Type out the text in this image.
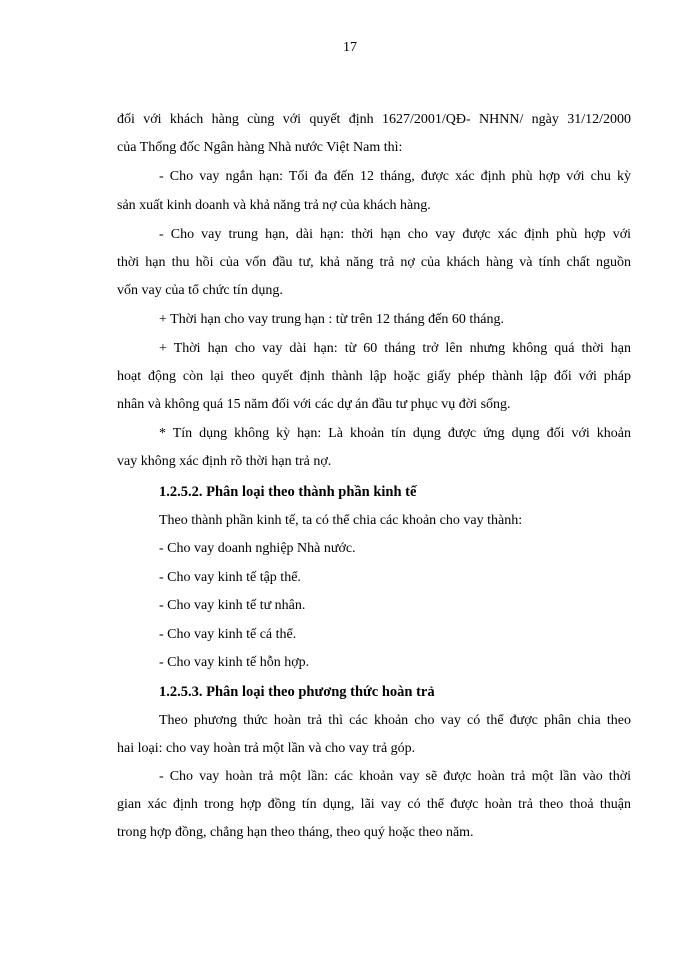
17
đối với khách hàng cùng với quyết định 1627/2001/QĐ- NHNN/ ngày 31/12/2000
của Thống đốc Ngân hàng Nhà nước Việt Nam thì:
- Cho vay ngắn hạn: Tối đa đến 12 tháng, được xác định phù hợp với chu kỳ
sản xuất kinh doanh và khả năng trả nợ của khách hàng.
- Cho vay trung hạn, dài hạn: thời hạn cho vay được xác định phù hợp với
thời hạn thu hồi của vốn đầu tư, khả năng trả nợ của khách hàng và tính chất nguồn
vốn vay của tổ chức tín dụng.
+ Thời hạn cho vay trung hạn : từ trên 12 tháng đến 60 tháng.
+ Thời hạn cho vay dài hạn: từ 60 tháng trở lên nhưng không quá thời hạn
hoạt động còn lại theo quyết định thành lập hoặc giấy phép thành lập đối với pháp
nhân và không quá 15 năm đối với các dự án đầu tư phục vụ đời sống.
* Tín dụng không kỳ hạn: Là khoản tín dụng được ứng dụng đối với khoản
vay không xác định rõ thời hạn trả nợ.
1.2.5.2. Phân loại theo thành phần kinh tế
Theo thành phần kinh tế, ta có thể chia các khoản cho vay thành:
- Cho vay doanh nghiệp Nhà nước.
- Cho vay kinh tế tập thể.
- Cho vay kinh tế tư nhân.
- Cho vay kinh tế cá thể.
- Cho vay kinh tế hỗn hợp.
1.2.5.3. Phân loại theo phương thức hoàn trả
Theo phương thức hoàn trả thì các khoản cho vay có thể được phân chia theo
hai loại: cho vay hoàn trả một lần và cho vay trả góp.
- Cho vay hoàn trả một lần: các khoản vay sẽ được hoàn trả một lần vào thời
gian xác định trong hợp đồng tín dụng, lãi vay có thể được hoàn trả theo thoả thuận
trong hợp đồng, chẳng hạn theo tháng, theo quý hoặc theo năm.
